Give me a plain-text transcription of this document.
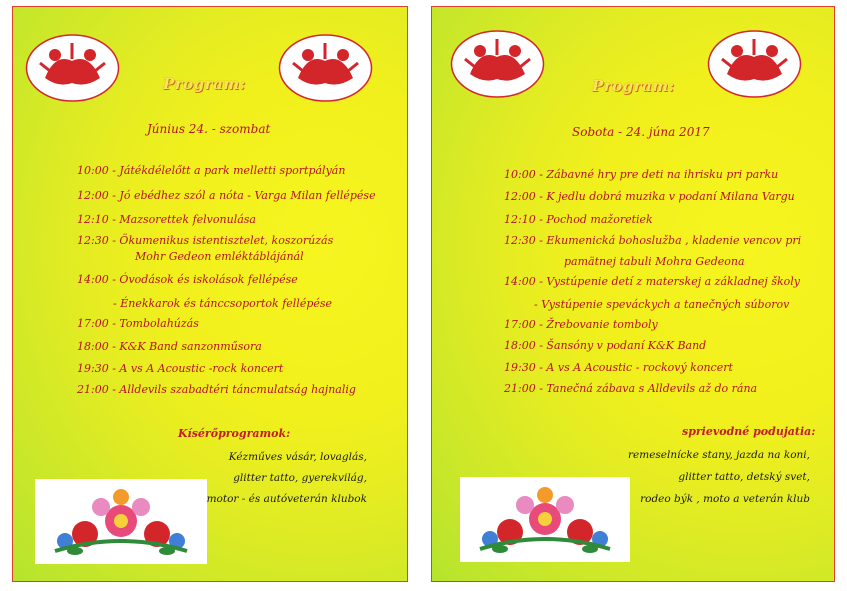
Program:
Június 24. - szombat
10:00 - Játékdélelőtt a park melletti sportpályán
12:00 - Jó ebédhez szól a nóta - Varga Milan fellépése
12:10 - Mazsorettek felvonulása
12:30 - Ökumenikus istentisztelet, koszorúzás
Mohr Gedeon emléktáblájánál
14:00 - Óvodások és iskolások fellépése
- Énekkarok és tánccsoportok fellépése
17:00 - Tombolahúzás
18:00 - K&K Band sanzonműsora
19:30 - A vs A Acoustic -rock koncert
21:00 - Alldevils szabadtéri táncmulatság hajnalig
Kísérőprogramok:
Kézműves vásár, lovaglás,
glitter tatto, gyerekvilág,
motor - és autóveterán klubok
Program:
Sobota - 24. júna 2017
10:00 - Zábavné hry pre deti na ihrisku pri parku
12:00 - K jedlu dobrá muzika v podaní Milana Vargu
12:10 - Pochod mažoretiek
12:30 - Ekumenická bohoslužba , kladenie vencov pri
pamätnej tabuli Mohra Gedeona
14:00 - Vystúpenie detí z materskej a základnej školy
- Vystúpenie speváckych a tanečných súborov
17:00 - Žrebovanie tomboly
18:00 - Šansóny v podaní K&K Band
19:30 - A vs A Acoustic - rockový koncert
21:00 - Tanečná zábava s Alldevils až do rána
sprievodné podujatia:
remeselnícke stany, jazda na koni,
glitter tatto, detský svet,
rodeo býk , moto a veterán klub
